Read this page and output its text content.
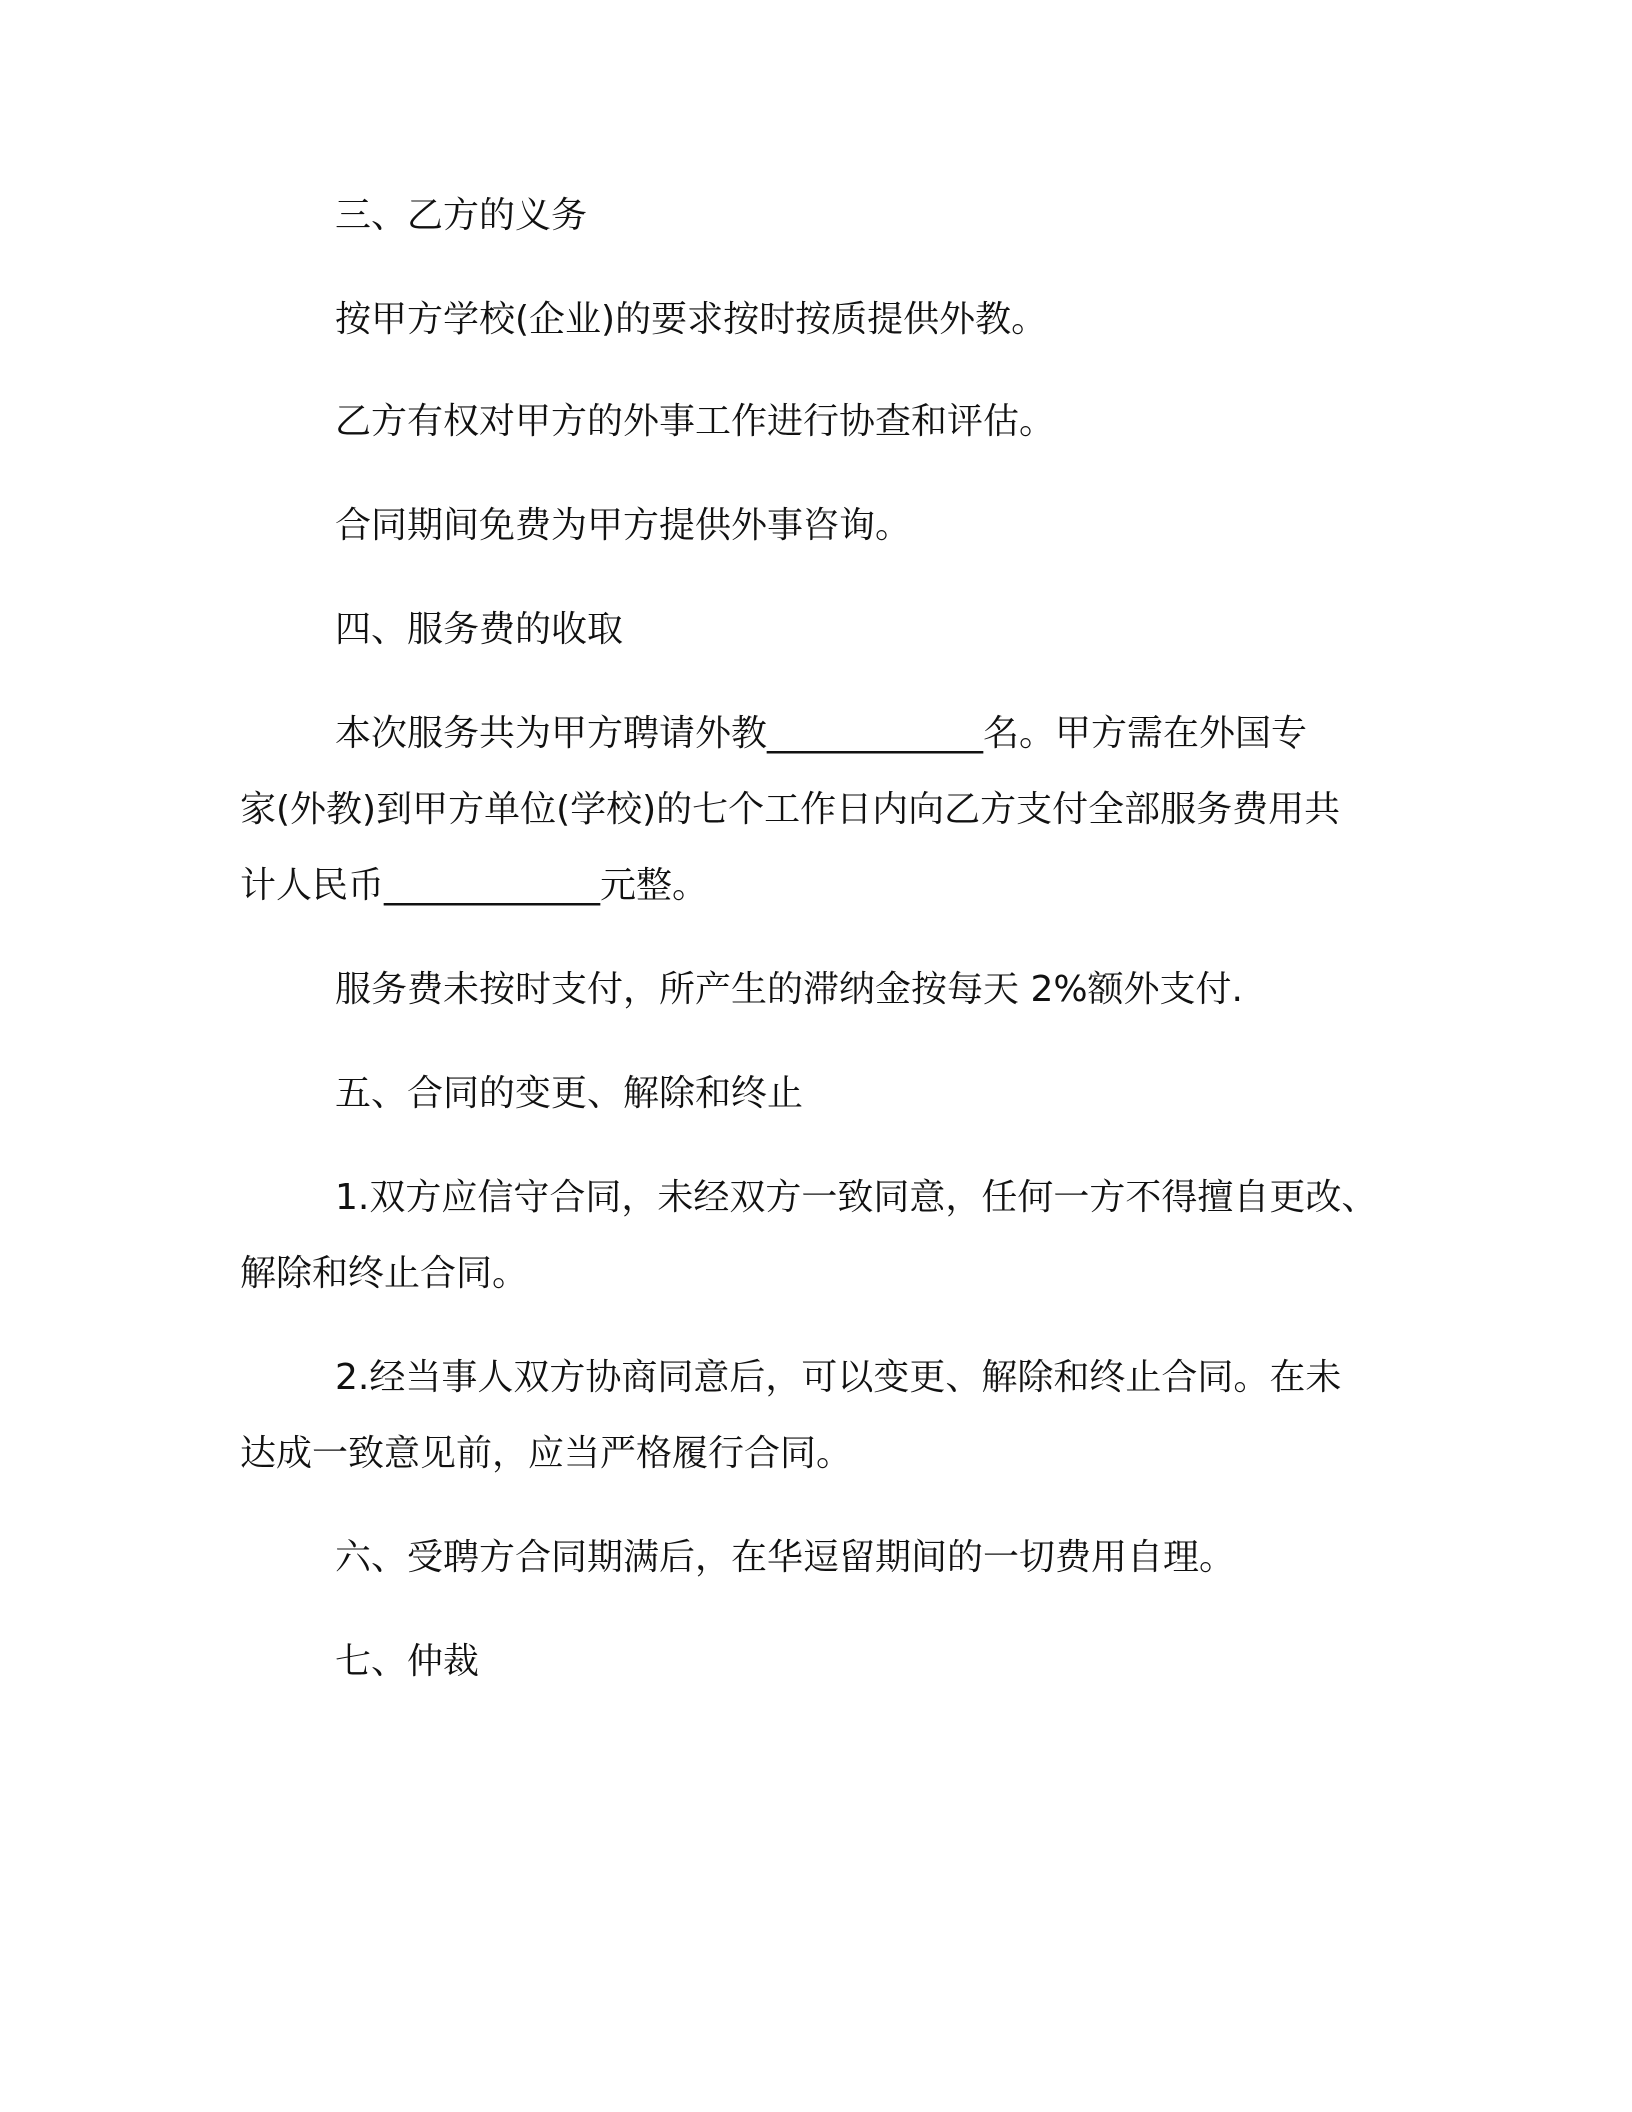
三、乙方的义务
按甲方学校(企业)的要求按时按质提供外教。
乙方有权对甲方的外事工作进行协查和评估。
合同期间免费为甲方提供外事咨询。
四、服务费的收取
本次服务共为甲方聘请外教____________名。甲方需在外国专
家(外教)到甲方单位(学校)的七个工作日内向乙方支付全部服务费用共
计人民币____________元整。
服务费未按时支付，所产生的滞纳金按每天 2%额外支付.
五、合同的变更、解除和终止
1.双方应信守合同，未经双方一致同意，任何一方不得擅自更改、
解除和终止合同。
2.经当事人双方协商同意后，可以变更、解除和终止合同。在未
达成一致意见前，应当严格履行合同。
六、受聘方合同期满后，在华逗留期间的一切费用自理。
七、仲裁
